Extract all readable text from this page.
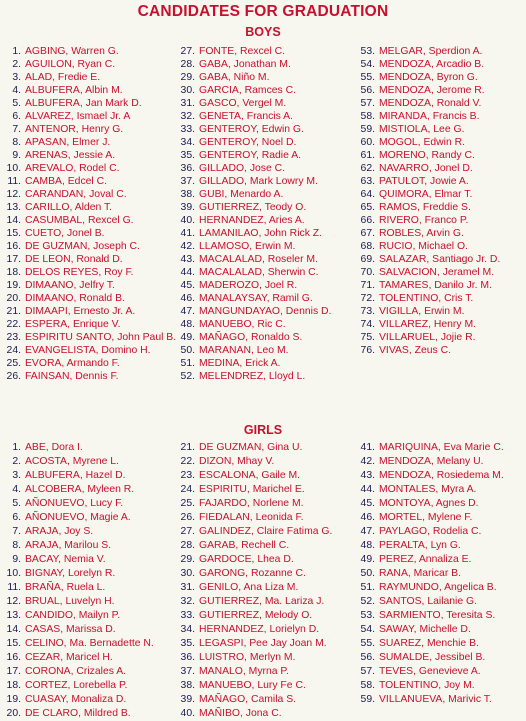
CANDIDATES FOR GRADUATION
BOYS
GIRLS
1. AGBING, Warren G.
2. AGUILON, Ryan C.
3. ALAD, Fredie E.
4. ALBUFERA, Albin M.
5. ALBUFERA, Jan Mark D.
6. ALVAREZ, Ismael Jr. A
7. ANTENOR, Henry G.
8. APASAN, Elmer J.
9. ARENAS, Jessie A.
10. AREVALO, Rodel C.
11. CAMBA, Edcel C.
12. CARANDAN, Joval C.
13. CARILLO, Alden T.
14. CASUMBAL, Rexcel G.
15. CUETO, Jonel B.
16. DE GUZMAN, Joseph C.
17. DE LEON, Ronald D.
18. DELOS REYES, Roy F.
19. DIMAANO, Jelfry T.
20. DIMAANO, Ronald B.
21. DIMAAPI, Ernesto Jr. A.
22. ESPERA, Enrique V.
23. ESPIRITU SANTO, John Paul B.
24. EVANGELISTA, Domino H.
25. EVORA, Armando F.
26. FAINSAN, Dennis F.
27. FONTE, Rexcel C.
28. GABA, Jonathan M.
29. GABA, Niño M.
30. GARCIA, Ramces C.
31. GASCO, Vergel M.
32. GENETA, Francis A.
33. GENTEROY, Edwin G.
34. GENTEROY, Noel D.
35. GENTEROY, Radie A.
36. GILLADO, Jose C.
37. GILLADO, Mark Lowry M.
38. GUBI, Menardo A.
39. GUTIERREZ, Teody O.
40. HERNANDEZ, Aries A.
41. LAMANILAO, John Rick Z.
42. LLAMOSO, Erwin M.
43. MACALALAD, Roseler M.
44. MACALALAD, Sherwin C.
45. MADEROZO, Joel R.
46. MANALAYSAY, Ramil G.
47. MANGUNDAYAO, Dennis D.
48. MANUEBO, Ric C.
49. MAÑAGO, Ronaldo S.
50. MARANAN, Leo M.
51. MEDINA, Erick A.
52. MELENDREZ, Lloyd L.
53. MELGAR, Sperdion A.
54. MENDOZA, Arcadio B.
55. MENDOZA, Byron G.
56. MENDOZA, Jerome R.
57. MENDOZA, Ronald V.
58. MIRANDA, Francis B.
59. MISTIOLA, Lee G.
60. MOGOL, Edwin R.
61. MORENO, Randy C.
62. NAVARRO, Jonel D.
63. PATULOT, Jowie A.
64. QUIMORA, Elmar T.
65. RAMOS, Freddie S.
66. RIVERO, Franco P.
67. ROBLES, Arvin G.
68. RUCIO, Michael O.
69. SALAZAR, Santiago Jr. D.
70. SALVACION, Jeramel M.
71. TAMARES, Danilo Jr. M.
72. TOLENTINO, Cris T.
73. VIGILLA, Erwin M.
74. VILLAREZ, Henry M.
75. VILLARUEL, Jojie R.
76. VIVAS, Zeus C.
1. ABE, Dora I.
2. ACOSTA, Myrene L.
3. ALBUFERA, Hazel D.
4. ALCOBERA, Myleen R.
5. AÑONUEVO, Lucy F.
6. AÑONUEVO, Magie A.
7. ARAJA, Joy S.
8. ARAJA, Marilou S.
9. BACAY, Nemia V.
10. BIGNAY, Lorelyn R.
11. BRAÑA, Ruela L.
12. BRUAL, Luvelyn H.
13. CANDIDO, Mailyn P.
14. CASAS, Marissa D.
15. CELINO, Ma. Bernadette N.
16. CEZAR, Maricel H.
17. CORONA, Crizales A.
18. CORTEZ, Lorebella P.
19. CUASAY, Monaliza D.
20. DE CLARO, Mildred B.
21. DE GUZMAN, Gina U.
22. DIZON, Mhay V.
23. ESCALONA, Gaile M.
24. ESPIRITU, Marichel E.
25. FAJARDO, Norlene M.
26. FIEDALAN, Leonida F.
27. GALINDEZ, Claire Fatima G.
28. GARAB, Rechell C.
29. GARDOCE, Lhea D.
30. GARONG, Rozanne C.
31. GENILO, Ana Liza M.
32. GUTIERREZ, Ma. Lariza J.
33. GUTIERREZ, Melody O.
34. HERNANDEZ, Lorielyn D.
35. LEGASPI, Pee Jay Joan M.
36. LUISTRO, Merlyn M.
37. MANALO, Myrna P.
38. MANUEBO, Lury Fe C.
39. MAÑAGO, Camila S.
40. MAÑIBO, Jona C.
41. MARIQUINA, Eva Marie C.
42. MENDOZA, Melany U.
43. MENDOZA, Rosiedema M.
44. MONTALES, Myra A.
45. MONTOYA, Agnes D.
46. MORTEL, Mylene F.
47. PAYLAGO, Rodelia C.
48. PERALTA, Lyn G.
49. PEREZ, Annaliza E.
50. RANA, Maricar B.
51. RAYMUNDO, Angelica B.
52. SANTOS, Lailanie G.
53. SARMIENTO, Teresita S.
54. SAWAY, Michelle D.
55. SUAREZ, Menchie B.
56. SUMALDE, Jessibel B.
57. TEVES, Genevieve A.
58. TOLENTINO, Joy M.
59. VILLANUEVA, Marivic T.
